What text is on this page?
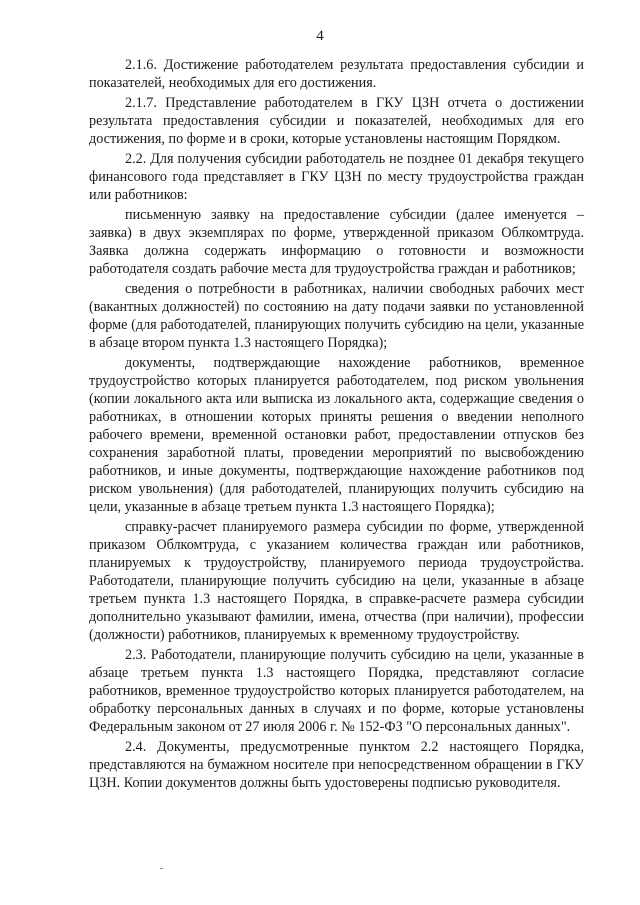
4

2.1.6. Достижение работодателем результата предоставления субсидии и показателей, необходимых для его достижения.

2.1.7. Представление работодателем в ГКУ ЦЗН отчета о достижении результата предоставления субсидии и показателей, необходимых для его достижения, по форме и в сроки, которые установлены настоящим Порядком.

2.2. Для получения субсидии работодатель не позднее 01 декабря текущего финансового года представляет в ГКУ ЦЗН по месту трудоустройства граждан или работников:

письменную заявку на предоставление субсидии (далее именуется – заявка) в двух экземплярах по форме, утвержденной приказом Облкомтруда. Заявка должна содержать информацию о готовности и возможности работодателя создать рабочие места для трудоустройства граждан и работников;

сведения о потребности в работниках, наличии свободных рабочих мест (вакантных должностей) по состоянию на дату подачи заявки по установленной форме (для работодателей, планирующих получить субсидию на цели, указанные в абзаце втором пункта 1.3 настоящего Порядка);

документы, подтверждающие нахождение работников, временное трудоустройство которых планируется работодателем, под риском увольнения (копии локального акта или выписка из локального акта, содержащие сведения о работниках, в отношении которых приняты решения о введении неполного рабочего времени, временной остановки работ, предоставлении отпусков без сохранения заработной платы, проведении мероприятий по высвобождению работников, и иные документы, подтверждающие нахождение работников под риском увольнения) (для работодателей, планирующих получить субсидию на цели, указанные в абзаце третьем пункта 1.3 настоящего Порядка);

справку-расчет планируемого размера субсидии по форме, утвержденной приказом Облкомтруда, с указанием количества граждан или работников, планируемых к трудоустройству, планируемого периода трудоустройства. Работодатели, планирующие получить субсидию на цели, указанные в абзаце третьем пункта 1.3 настоящего Порядка, в справке-расчете размера субсидии дополнительно указывают фамилии, имена, отчества (при наличии), профессии (должности) работников, планируемых к временному трудоустройству.

2.3. Работодатели, планирующие получить субсидию на цели, указанные в абзаце третьем пункта 1.3 настоящего Порядка, представляют согласие работников, временное трудоустройство которых планируется работодателем, на обработку персональных данных в случаях и по форме, которые установлены Федеральным законом от 27 июля 2006 г. № 152-ФЗ "О персональных данных".

2.4. Документы, предусмотренные пунктом 2.2 настоящего Порядка, представляются на бумажном носителе при непосредственном обращении в ГКУ ЦЗН. Копии документов должны быть удостоверены подписью руководителя.
